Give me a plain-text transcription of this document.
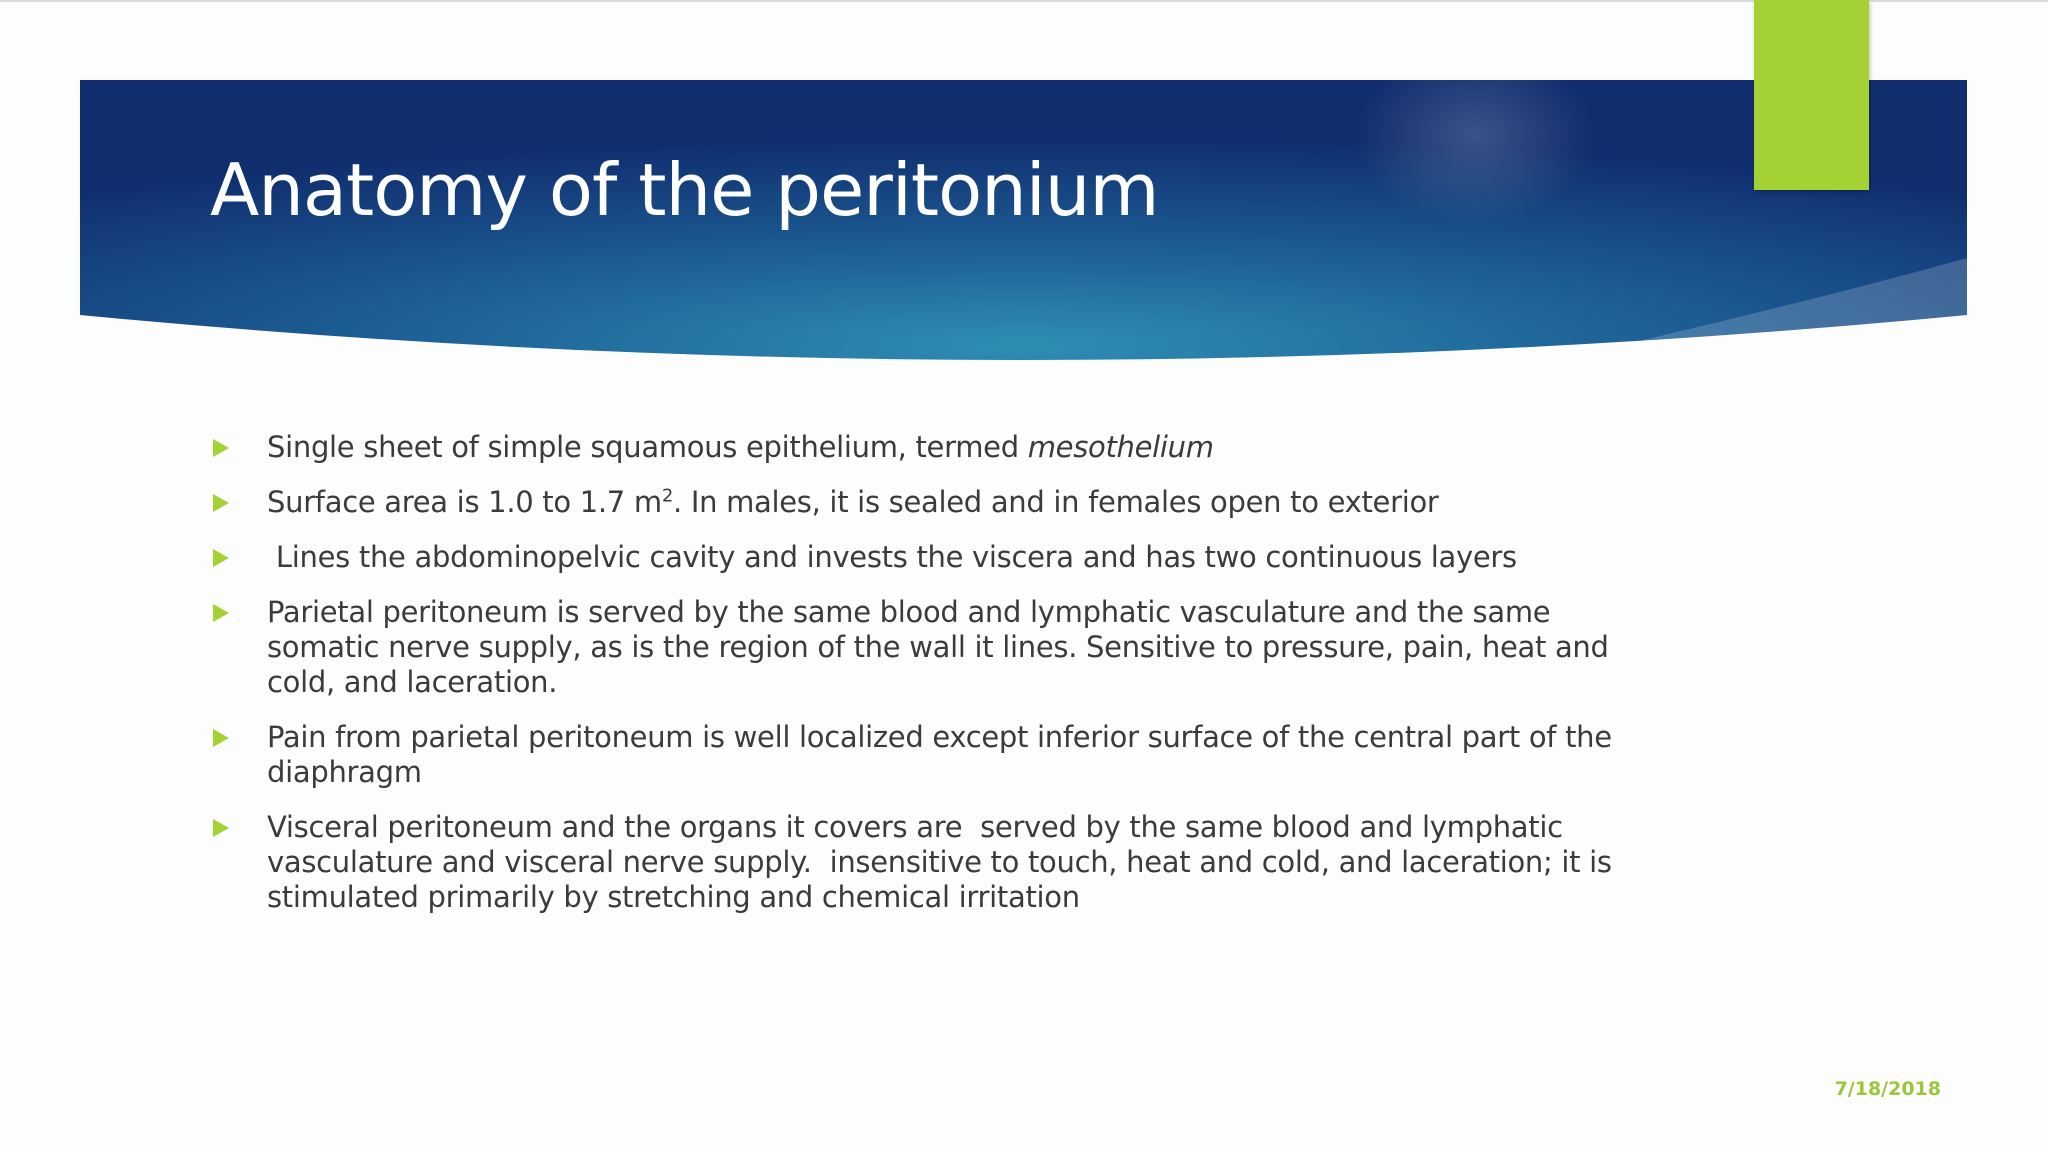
Anatomy of the peritonium
Single sheet of simple squamous epithelium, termed mesothelium
Surface area is 1.0 to 1.7 $m^2$. In males, it is sealed and in females open to exterior
Lines the abdominopelvic cavity and invests the viscera and has two continuous layers
Parietal peritoneum is served by the same blood and lymphatic vasculature and the same somatic nerve supply, as is the region of the wall it lines. Sensitive to pressure, pain, heat and cold, and laceration.
Pain from parietal peritoneum is well localized except inferior surface of the central part of the diaphragm
Visceral peritoneum and the organs it covers are  served by the same blood and lymphatic vasculature and visceral nerve supply.  insensitive to touch, heat and cold, and laceration; it is stimulated primarily by stretching and chemical irritation
7/18/2018
